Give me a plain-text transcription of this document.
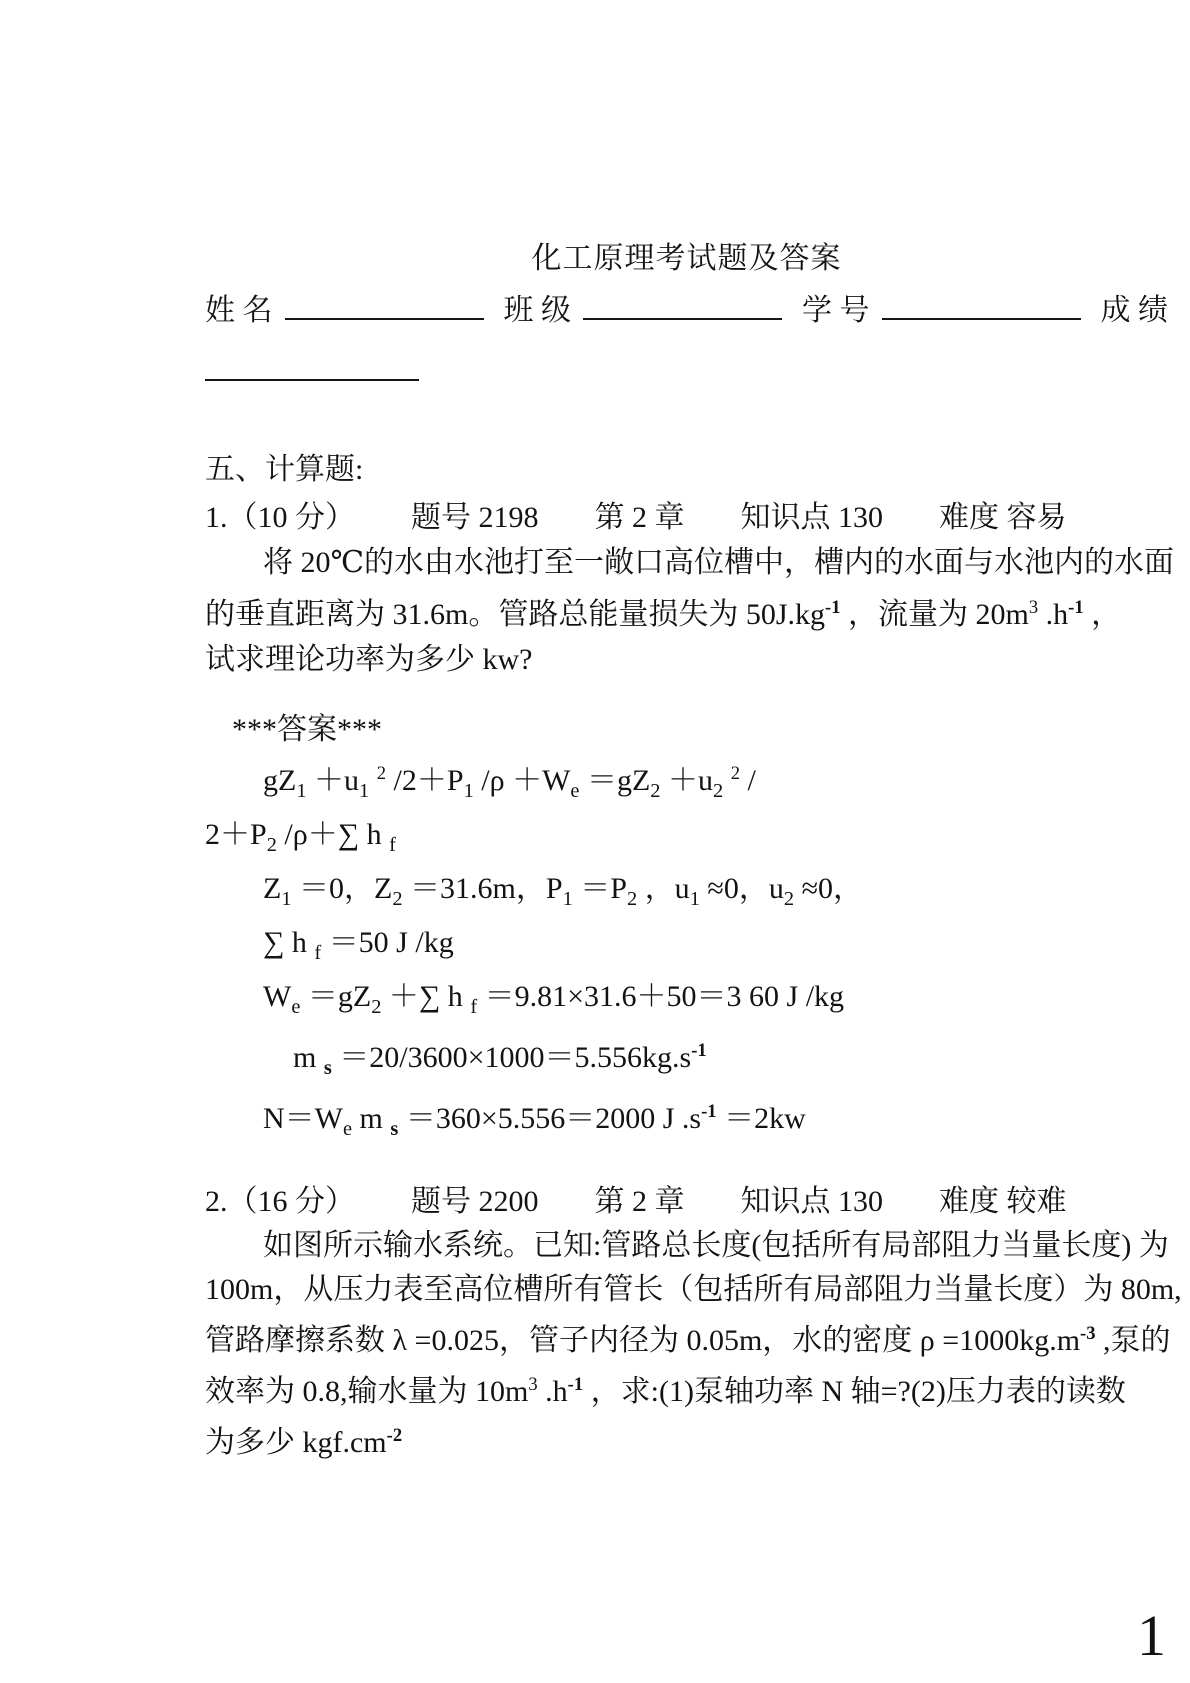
化工原理考试题及答案
姓 名	班 级	学 号	成 绩
五、计算题:
1.（10 分） 题号 2198 第 2 章 知识点 130 难度 容易
将 20℃的水由水池打至一敞口高位槽中，槽内的水面与水池内的水面
的垂直距离为 31.6m。管路总能量损失为 $50J.kg^{-1}$ ，流量为 $20m^3$ $.h^{-1}$ ，
试求理论功率为多少 kw?
***答案***
$gZ_1 +u_1$ $^2$ $/2+P_1$ $/\rho +W_e =gZ_2 +u_2$ $^2$ /
$2+P_2$ /ρ＋∑ h $_f$
$Z_1 =0$，$Z_2 =31.6m$，$P_1 =P_2$ ，$u_1 \approx 0$，$u_2 \approx 0$，
∑ h $_f$ ＝50 J /kg
$W_e =gZ_2$ ＋∑ h $_f$ ＝9.81×31.6＋50＝3 60 J /kg
m $_s =20/3600\times 1000=5.556kg.s^{-1}$
$N=W_e$ m $_s$ ＝360×5.556＝2000 J $.s^{-1} =2kw$
2.（16 分） 题号 2200 第 2 章 知识点 130 难度 较难
如图所示输水系统。已知:管路总长度(包括所有局部阻力当量长度) 为
100m，从压力表至高位槽所有管长（包括所有局部阻力当量长度）为 80m,
管路摩擦系数 λ =0.025，管子内径为 0.05m，水的密度 $\rho =1000kg.m^{-3}$ ,泵的
效率为 0.8,输水量为 $10m^3$ $.h^{-1}$ ，求:(1)泵轴功率 N 轴=?(2)压力表的读数
为多少 $kgf.cm^{-2}$
1
